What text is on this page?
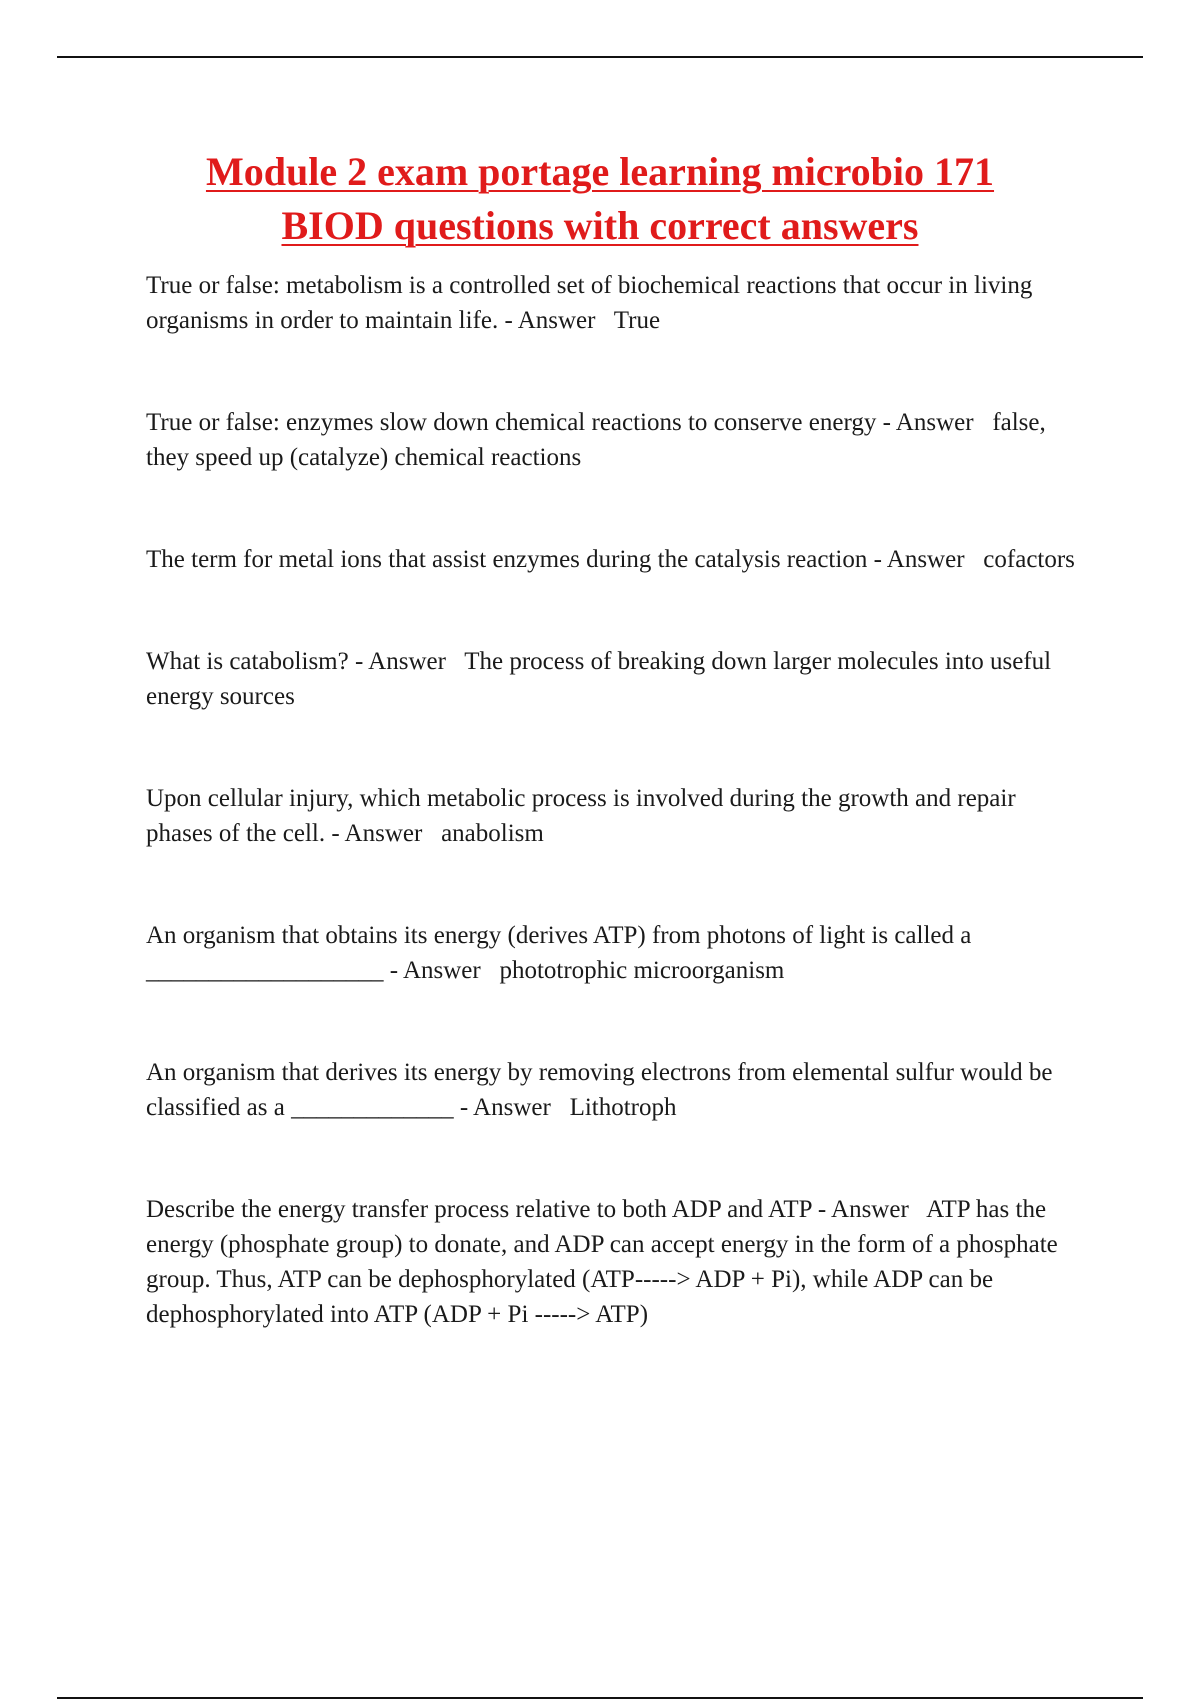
Module 2 exam portage learning microbio 171
BIOD questions with correct answers
True or false: metabolism is a controlled set of biochemical reactions that occur in living organisms in order to maintain life. - Answer   True
True or false: enzymes slow down chemical reactions to conserve energy - Answer   false, they speed up (catalyze) chemical reactions
The term for metal ions that assist enzymes during the catalysis reaction - Answer   cofactors
What is catabolism? - Answer   The process of breaking down larger molecules into useful energy sources
Upon cellular injury, which metabolic process is involved during the growth and repair phases of the cell. - Answer   anabolism
An organism that obtains its energy (derives ATP) from photons of light is called a ___________________ - Answer   phototrophic microorganism
An organism that derives its energy by removing electrons from elemental sulfur would be classified as a _____________ - Answer   Lithotroph
Describe the energy transfer process relative to both ADP and ATP - Answer   ATP has the energy (phosphate group) to donate, and ADP can accept energy in the form of a phosphate group. Thus, ATP can be dephosphorylated (ATP-----> ADP + Pi), while ADP can be dephosphorylated into ATP (ADP + Pi -----> ATP)
